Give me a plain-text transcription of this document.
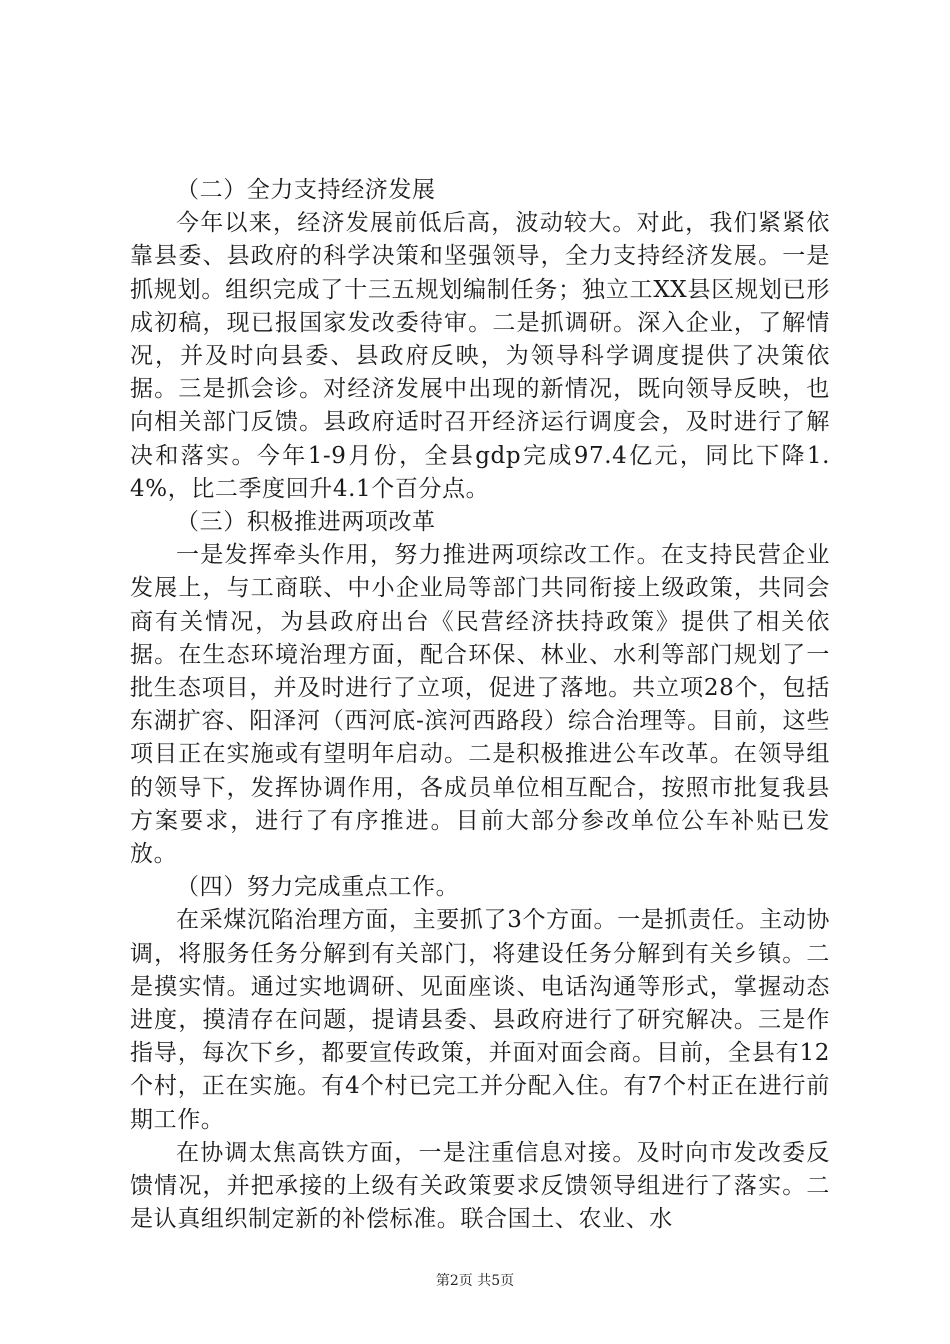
（二）全力支持经济发展

今年以来，经济发展前低后高，波动较大。对此，我们紧紧依靠县委、县政府的科学决策和坚强领导，全力支持经济发展。一是抓规划。组织完成了十三五规划编制任务；独立工XX县区规划已形成初稿，现已报国家发改委待审。二是抓调研。深入企业，了解情况，并及时向县委、县政府反映，为领导科学调度提供了决策依据。三是抓会诊。对经济发展中出现的新情况，既向领导反映，也向相关部门反馈。县政府适时召开经济运行调度会，及时进行了解决和落实。今年1-9月份，全县gdp完成97.4亿元，同比下降1.4%，比二季度回升4.1个百分点。

（三）积极推进两项改革

一是发挥牵头作用，努力推进两项综改工作。在支持民营企业发展上，与工商联、中小企业局等部门共同衔接上级政策，共同会商有关情况，为县政府出台《民营经济扶持政策》提供了相关依据。在生态环境治理方面，配合环保、林业、水利等部门规划了一批生态项目，并及时进行了立项，促进了落地。共立项28个，包括东湖扩容、阳泽河（西河底-滨河西路段）综合治理等。目前，这些项目正在实施或有望明年启动。二是积极推进公车改革。在领导组的领导下，发挥协调作用，各成员单位相互配合，按照市批复我县方案要求，进行了有序推进。目前大部分参改单位公车补贴已发放。

（四）努力完成重点工作。

在采煤沉陷治理方面，主要抓了3个方面。一是抓责任。主动协调，将服务任务分解到有关部门，将建设任务分解到有关乡镇。二是摸实情。通过实地调研、见面座谈、电话沟通等形式，掌握动态进度，摸清存在问题，提请县委、县政府进行了研究解决。三是作指导，每次下乡，都要宣传政策，并面对面会商。目前，全县有12个村，正在实施。有4个村已完工并分配入住。有7个村正在进行前期工作。

在协调太焦高铁方面，一是注重信息对接。及时向市发改委反馈情况，并把承接的上级有关政策要求反馈领导组进行了落实。二是认真组织制定新的补偿标准。联合国土、农业、水

第2页 共5页
